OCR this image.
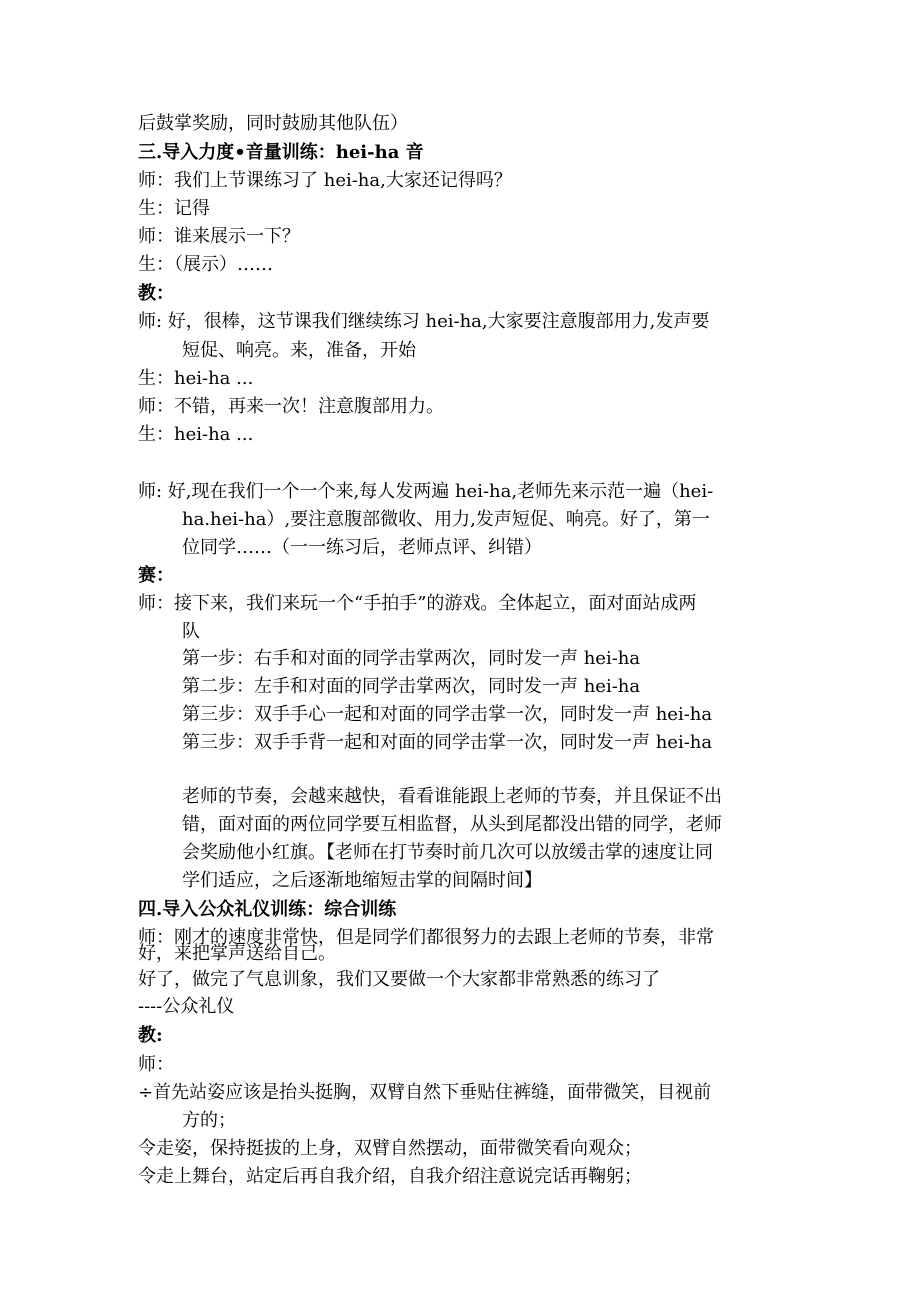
后鼓掌奖励，同时鼓励其他队伍）
三.导入力度•音量训练：hei-ha 音
师：我们上节课练习了 hei-ha,大家还记得吗？
生：记得
师：谁来展示一下？
生：（展示）……
教：
师: 好，很棒，这节课我们继续练习 hei-ha,大家要注意腹部用力,发声要
短促、响亮。来，准备，开始
生：hei-ha ...
师：不错，再来一次！注意腹部用力。
生：hei-ha ...
师: 好,现在我们一个一个来,每人发两遍 hei-ha,老师先来示范一遍（hei-
ha.hei-ha）,要注意腹部微收、用力,发声短促、响亮。好了，第一
位同学……（一一练习后，老师点评、纠错）
赛：
师：接下来，我们来玩一个“手拍手”的游戏。全体起立，面对面站成两
队
第一步：右手和对面的同学击掌两次，同时发一声 hei-ha
第二步：左手和对面的同学击掌两次，同时发一声 hei-ha
第三步：双手手心一起和对面的同学击掌一次，同时发一声 hei-ha
第三步：双手手背一起和对面的同学击掌一次，同时发一声 hei-ha
老师的节奏，会越来越快，看看谁能跟上老师的节奏，并且保证不出
错，面对面的两位同学要互相监督，从头到尾都没出错的同学，老师
会奖励他小红旗。【老师在打节奏时前几次可以放缓击掌的速度让同
学们适应，之后逐渐地缩短击掌的间隔时间】
四.导入公众礼仪训练：综合训练
师：刚才的速度非常快，但是同学们都很努力的去跟上老师的节奏，非常
好，来把掌声送给自己。
好了，做完了气息训象，我们又要做一个大家都非常熟悉的练习了
----公众礼仪
教:
师：
÷首先站姿应该是抬头挺胸，双臂自然下垂贴住裤缝，面带微笑，目视前
方的；
令走姿，保持挺拔的上身，双臂自然摆动，面带微笑看向观众；
令走上舞台，站定后再自我介绍，自我介绍注意说完话再鞠躬；
